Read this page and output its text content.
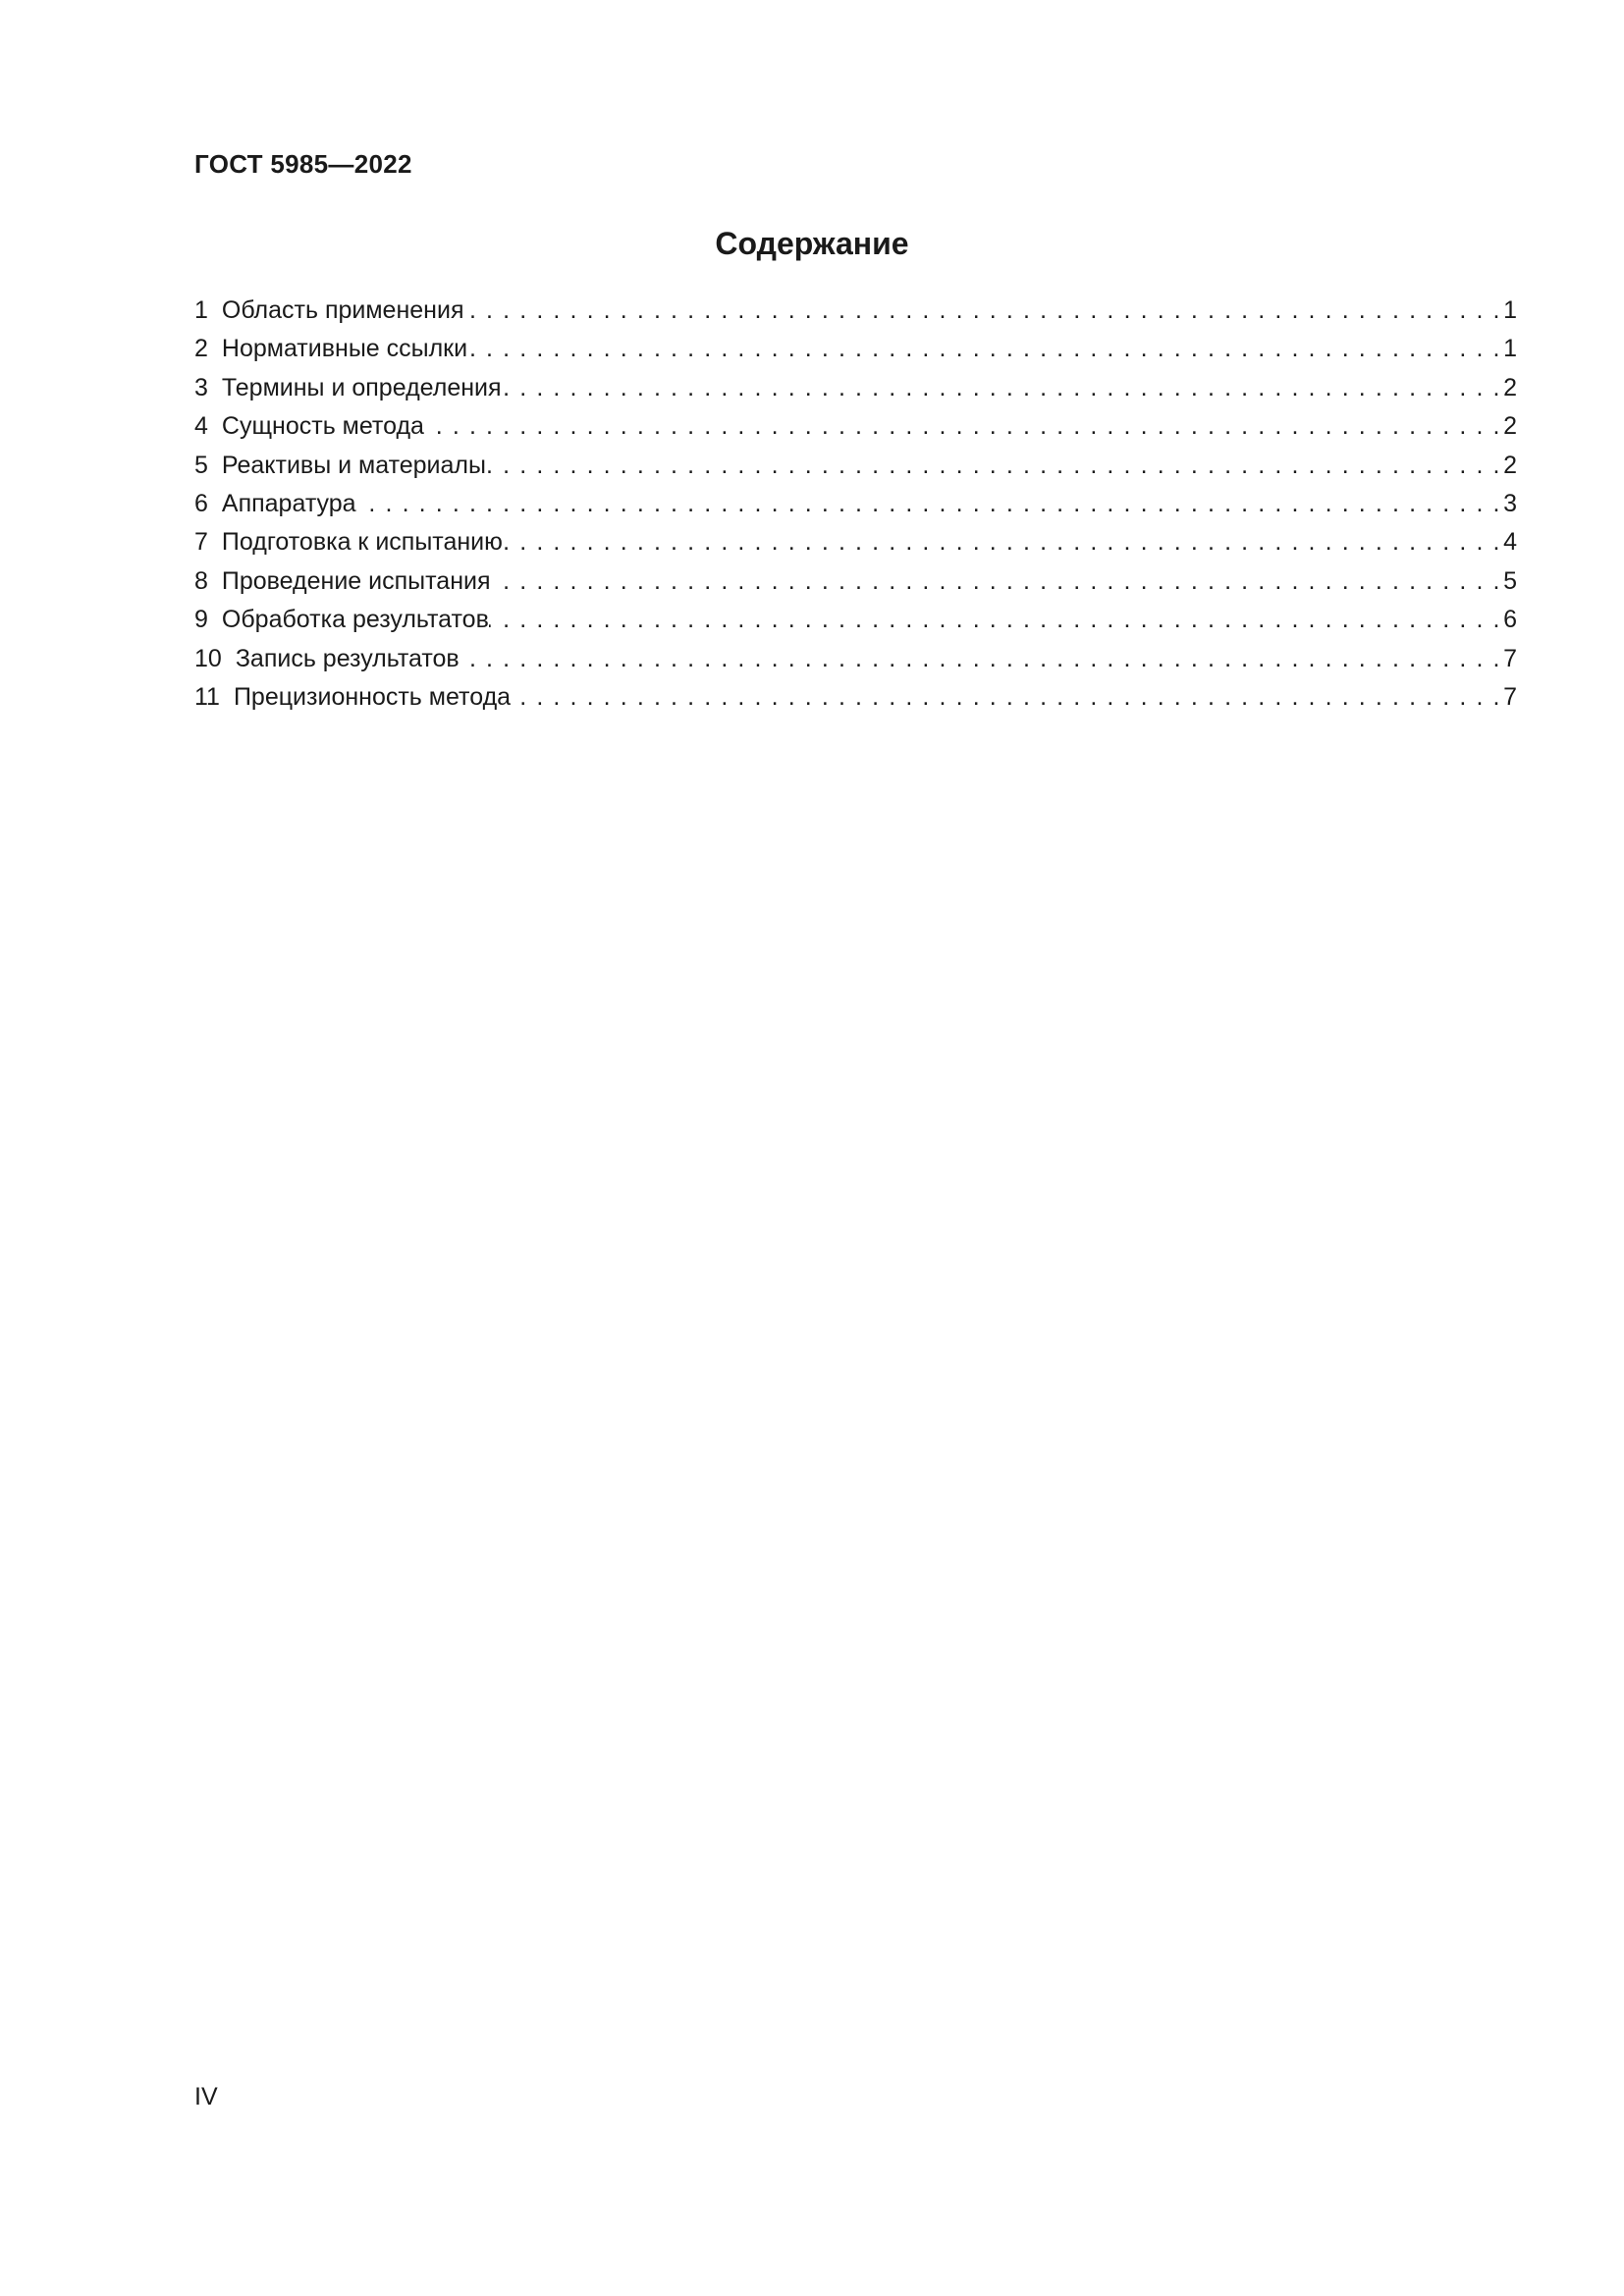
ГОСТ 5985—2022
Содержание
1 Область применения . . .	1
2 Нормативные ссылки . . .	1
3 Термины и определения . . .	2
4 Сущность метода . . .	2
5 Реактивы и материалы . . .	2
6 Аппаратура . . .	3
7 Подготовка к испытанию . . .	4
8 Проведение испытания . . .	5
9 Обработка результатов . . .	6
10 Запись результатов . . .	7
11 Прецизионность метода . . .	7
IV
